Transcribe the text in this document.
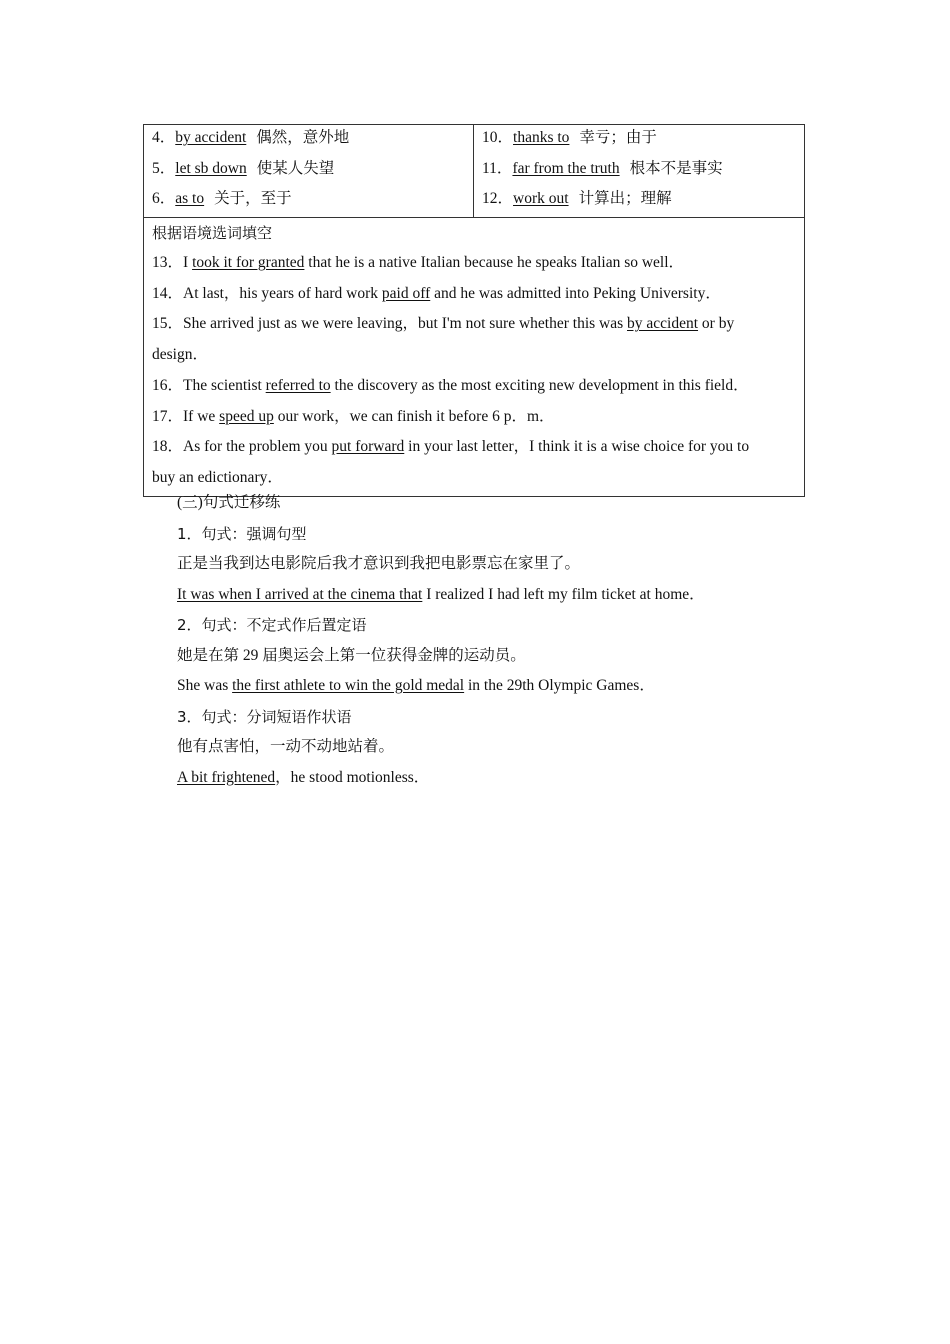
4．by accident 偶然，意外地
5．let sb down 使某人失望
6．as to 关于，至于
10．thanks to 幸亏；由于
11．far from the truth 根本不是事实
12．work out 计算出；理解
根据语境选词填空
13．I took it for granted that he is a native Italian because he speaks Italian so well．
14．At last，his years of hard work paid off and he was admitted into Peking University．
15．She arrived just as we were leaving，but I'm not sure whether this was by accident or by
design．
16．The scientist referred to the discovery as the most exciting new development in this field．
17．If we speed up our work，we can finish it before 6 p．m．
18．As for the problem you put forward in your last letter，I think it is a wise choice for you to
buy an edictionary．
(三)句式迁移练
1．句式：强调句型
正是当我到达电影院后我才意识到我把电影票忘在家里了。
It was when I arrived at the cinema that I realized I had left my film ticket at home．
2．句式：不定式作后置定语
她是在第 29 届奥运会上第一位获得金牌的运动员。
She was the first athlete to win the gold medal in the 29th Olympic Games．
3．句式：分词短语作状语
他有点害怕，一动不动地站着。
A bit frightened，he stood motionless．
